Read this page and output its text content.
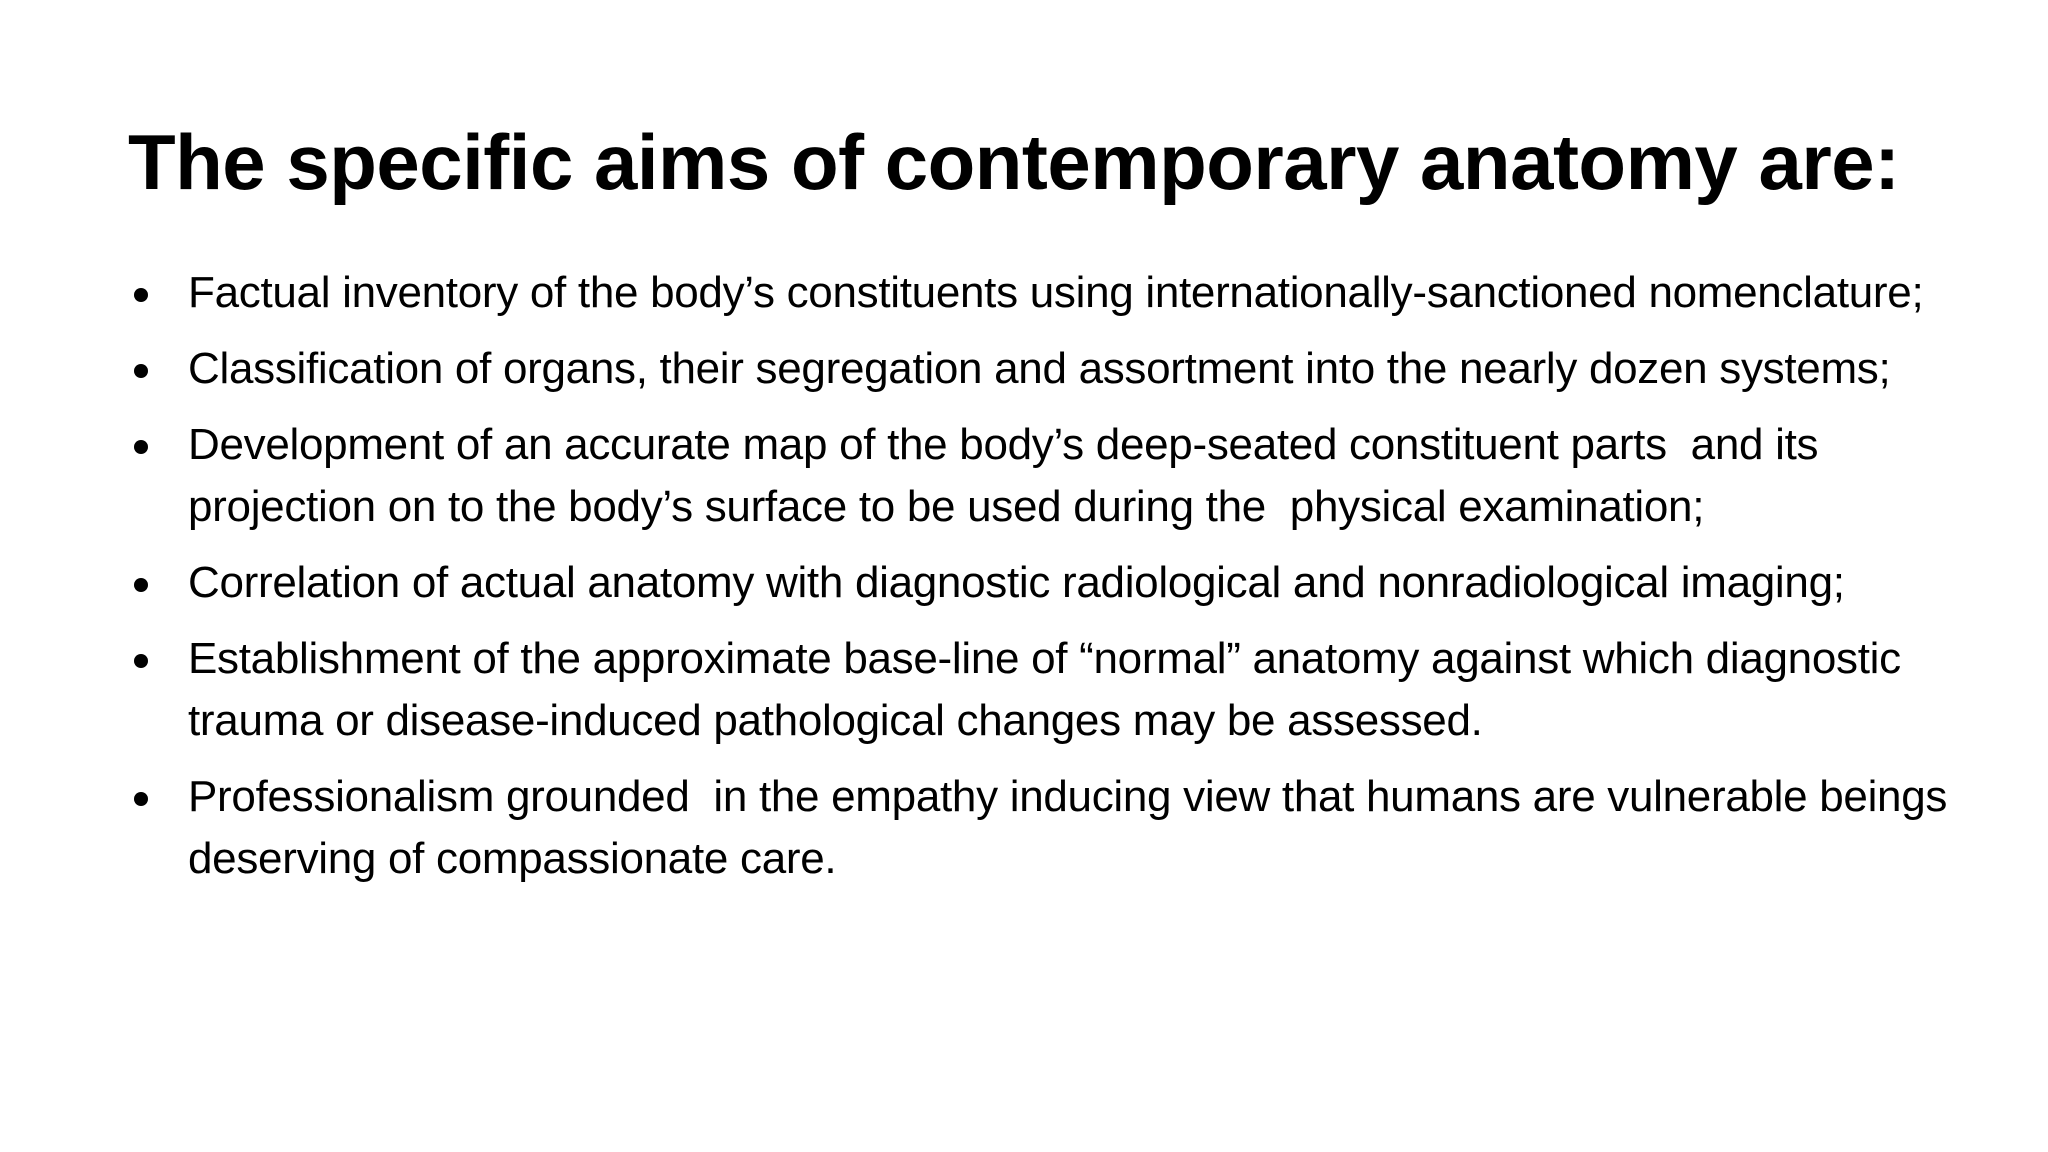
The specific aims of contemporary anatomy are:
Factual inventory of the body’s constituents using internationally-sanctioned nomenclature;
Classification of organs, their segregation and assortment into the nearly dozen systems;
Development of an accurate map of the body’s deep-seated constituent parts  and its projection on to the body’s surface to be used during the  physical examination;
Correlation of actual anatomy with diagnostic radiological and nonradiological imaging;
Establishment of the approximate base-line of “normal” anatomy against which diagnostic trauma or disease-induced pathological changes may be assessed.
Professionalism grounded  in the empathy inducing view that humans are vulnerable beings deserving of compassionate care.
